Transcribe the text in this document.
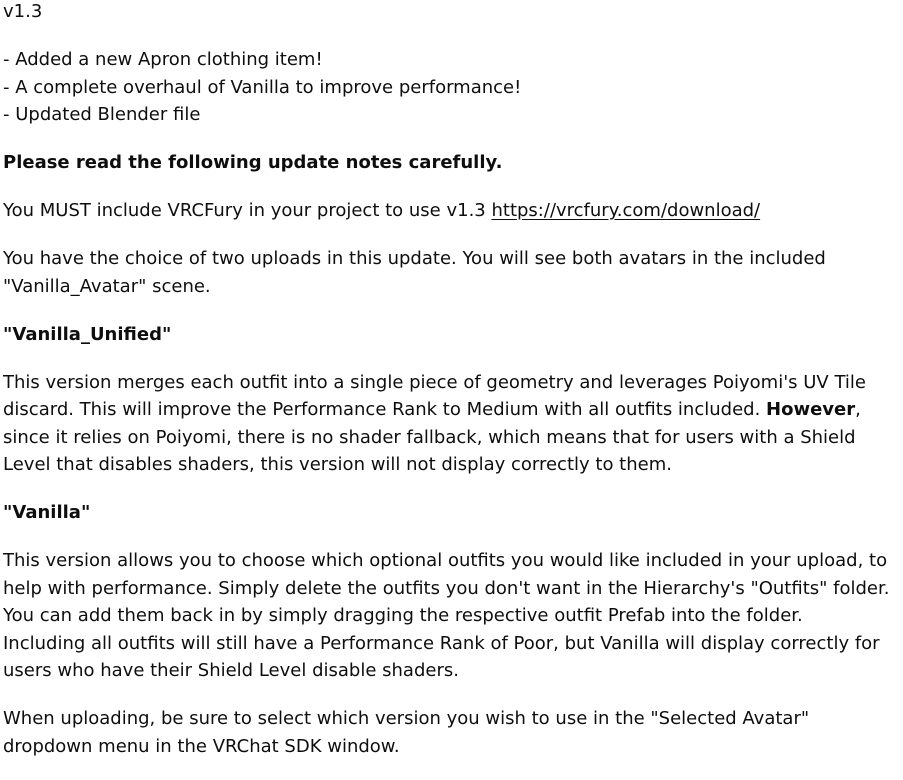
v1.3
- Added a new Apron clothing item!
- A complete overhaul of Vanilla to improve performance!
- Updated Blender file
Please read the following update notes carefully.
You MUST include VRCFury in your project to use v1.3 https://vrcfury.com/download/
You have the choice of two uploads in this update. You will see both avatars in the included
"Vanilla_Avatar" scene.
"Vanilla_Unified"
This version merges each outfit into a single piece of geometry and leverages Poiyomi's UV Tile
discard. This will improve the Performance Rank to Medium with all outfits included. However,
since it relies on Poiyomi, there is no shader fallback, which means that for users with a Shield
Level that disables shaders, this version will not display correctly to them.
"Vanilla"
This version allows you to choose which optional outfits you would like included in your upload, to
help with performance. Simply delete the outfits you don't want in the Hierarchy's "Outfits" folder.
You can add them back in by simply dragging the respective outfit Prefab into the folder.
Including all outfits will still have a Performance Rank of Poor, but Vanilla will display correctly for
users who have their Shield Level disable shaders.
When uploading, be sure to select which version you wish to use in the "Selected Avatar"
dropdown menu in the VRChat SDK window.
